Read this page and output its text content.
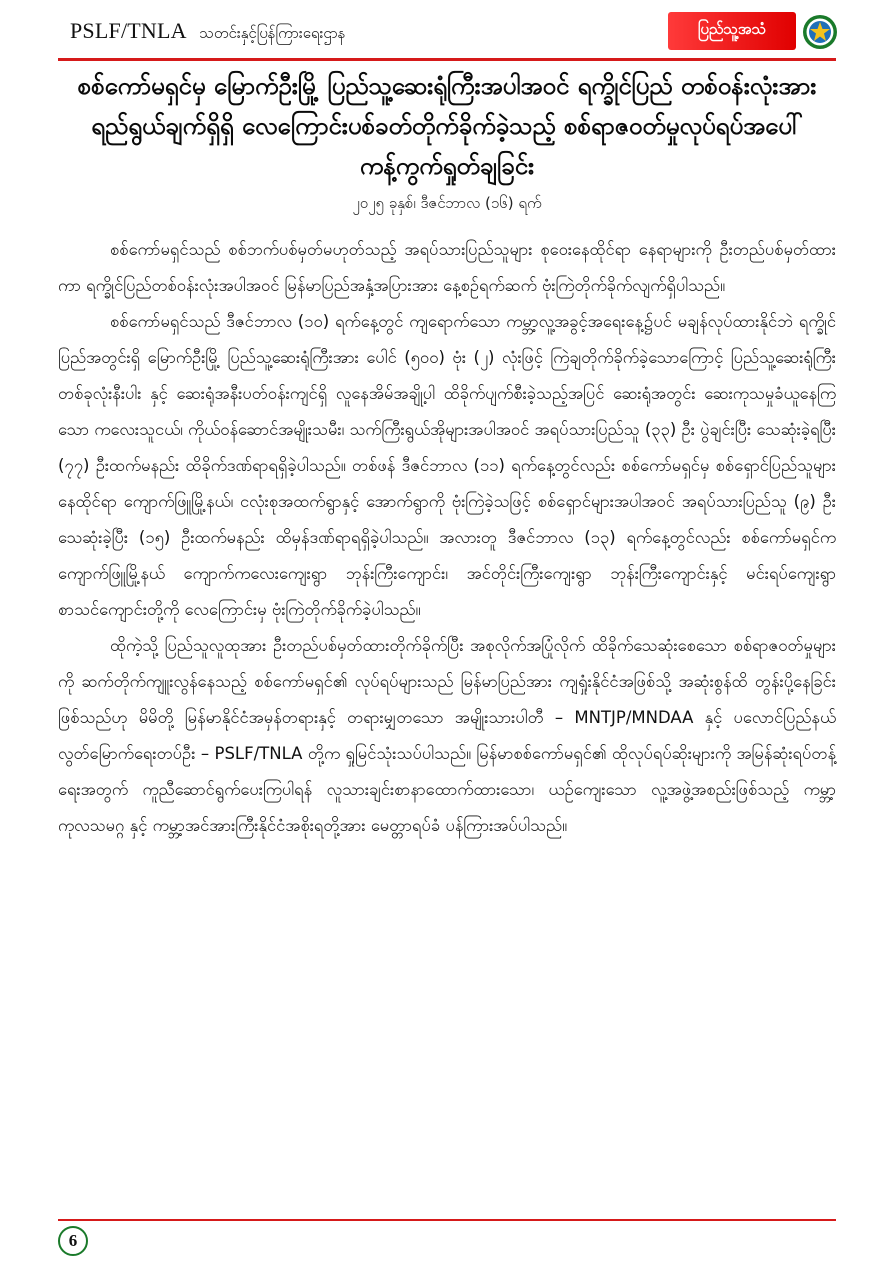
PSLF/TNLA သတင်းနှင့်ပြန်ကြားရေးဌာန	ပြည်သူ့အသံ
စစ်ကော်မရှင်မှ မြောက်ဦးမြို့ ပြည်သူ့ဆေးရုံကြီးအပါအဝင် ရက္ခိုင်ပြည် တစ်ဝန်းလုံးအား ရည်ရွယ်ချက်ရှိရှိ လေကြောင်းပစ်ခတ်တိုက်ခိုက်ခဲ့သည့် စစ်ရာဇဝတ်မှုလုပ်ရပ်အပေါ် ကန့်ကွက်ရှုတ်ချခြင်း
၂၀၂၅ ခုနှစ်၊ ဒီဇင်ဘာလ (၁၆) ရက်

စစ်ကော်မရှင်သည် စစ်ဘက်ပစ်မှတ်မဟုတ်သည့် အရပ်သားပြည်သူများ စုဝေးနေထိုင်ရာ နေရာများကို ဦးတည်ပစ်မှတ်ထားကာ ရက္ခိုင်ပြည်တစ်ဝန်းလုံးအပါအဝင် မြန်မာပြည်အနှံ့အပြားအား နေ့စဉ်ရက်ဆက် ဗုံးကြဲတိုက်ခိုက်လျက်ရှိပါသည်။

စစ်ကော်မရှင်သည် ဒီဇင်ဘာလ (၁၀) ရက်နေ့တွင် ကျရောက်သော ကမ္ဘာ့လူ့အခွင့်အရေးနေ့၌ပင် မချန်လုပ်ထားနိုင်ဘဲ ရက္ခိုင်ပြည်အတွင်းရှိ မြောက်ဦးမြို့ ပြည်သူ့ဆေးရုံကြီးအား ပေါင် (၅၀၀) ဗုံး (၂) လုံးဖြင့် ကြဲချတိုက်ခိုက်ခဲ့သောကြောင့် ပြည်သူ့ဆေးရုံကြီးတစ်ခုလုံးနီးပါး နှင့် ဆေးရုံအနီးပတ်ဝန်းကျင်ရှိ လူနေအိမ်အချို့ပါ ထိခိုက်ပျက်စီးခဲ့သည့်အပြင် ဆေးရုံအတွင်း ဆေးကုသမှုခံယူနေကြသော ကလေးသူငယ်၊ ကိုယ်ဝန်ဆောင်အမျိုးသမီး၊ သက်ကြီးရွယ်အိုများအပါအဝင် အရပ်သားပြည်သူ (၃၃) ဦး ပွဲချင်းပြီး သေဆုံးခဲ့ရပြီး (၇၇) ဦးထက်မနည်း ထိခိုက်ဒဏ်ရာရရှိခဲ့ပါသည်။ တစ်ဖန် ဒီဇင်ဘာလ (၁၁) ရက်နေ့တွင်လည်း စစ်ကော်မရှင်မှ စစ်ရှောင်ပြည်သူများနေထိုင်ရာ ကျောက်ဖြူမြို့နယ်၊ ငလုံးစုအထက်ရွာနှင့် အောက်ရွာကို ဗုံးကြဲခဲ့သဖြင့် စစ်ရှောင်များအပါအဝင် အရပ်သားပြည်သူ (၉) ဦး သေဆုံးခဲ့ပြီး (၁၅) ဦးထက်မနည်း ထိမှန်ဒဏ်ရာရရှိခဲ့ပါသည်။ အလားတူ ဒီဇင်ဘာလ (၁၃) ရက်နေ့တွင်လည်း စစ်ကော်မရှင်က ကျောက်ဖြူမြို့နယ် ကျောက်ကလေးကျေးရွာ ဘုန်းကြီးကျောင်း၊ အင်တိုင်းကြီးကျေးရွာ ဘုန်းကြီးကျောင်းနှင့် မင်းရပ်ကျေးရွာ စာသင်ကျောင်းတို့ကို လေကြောင်းမှ ဗုံးကြဲတိုက်ခိုက်ခဲ့ပါသည်။

ထိုကဲ့သို့ ပြည်သူလူထုအား ဦးတည်ပစ်မှတ်ထားတိုက်ခိုက်ပြီး အစုလိုက်အပြုံလိုက် ထိခိုက်သေဆုံးစေသော စစ်ရာဇဝတ်မှုများကို ဆက်တိုက်ကျူးလွန်နေသည့် စစ်ကော်မရှင်၏ လုပ်ရပ်များသည် မြန်မာပြည်အား ကျရှုံးနိုင်ငံအဖြစ်သို့ အဆုံးစွန်ထိ တွန်းပို့နေခြင်းဖြစ်သည်ဟု မိမိတို့ မြန်မာနိုင်ငံအမှန်တရားနှင့် တရားမျှတသော အမျိုးသားပါတီ – MNTJP/MNDAA နှင့် ပလောင်ပြည်နယ်လွတ်မြောက်ရေးတပ်ဦး – PSLF/TNLA တို့က ရှုမြင်သုံးသပ်ပါသည်။ မြန်မာစစ်ကော်မရှင်၏ ထိုလုပ်ရပ်ဆိုးများကို အမြန်ဆုံးရပ်တန့်ရေးအတွက် ကူညီဆောင်ရွက်ပေးကြပါရန် လူသားချင်းစာနာထောက်ထားသော၊ ယဉ်ကျေးသော လူ့အဖွဲ့အစည်းဖြစ်သည့် ကမ္ဘာ့ကုလသမဂ္ဂ နှင့် ကမ္ဘာ့အင်အားကြီးနိုင်ငံအစိုးရတို့အား မေတ္တာရပ်ခံ ပန်ကြားအပ်ပါသည်။

6
